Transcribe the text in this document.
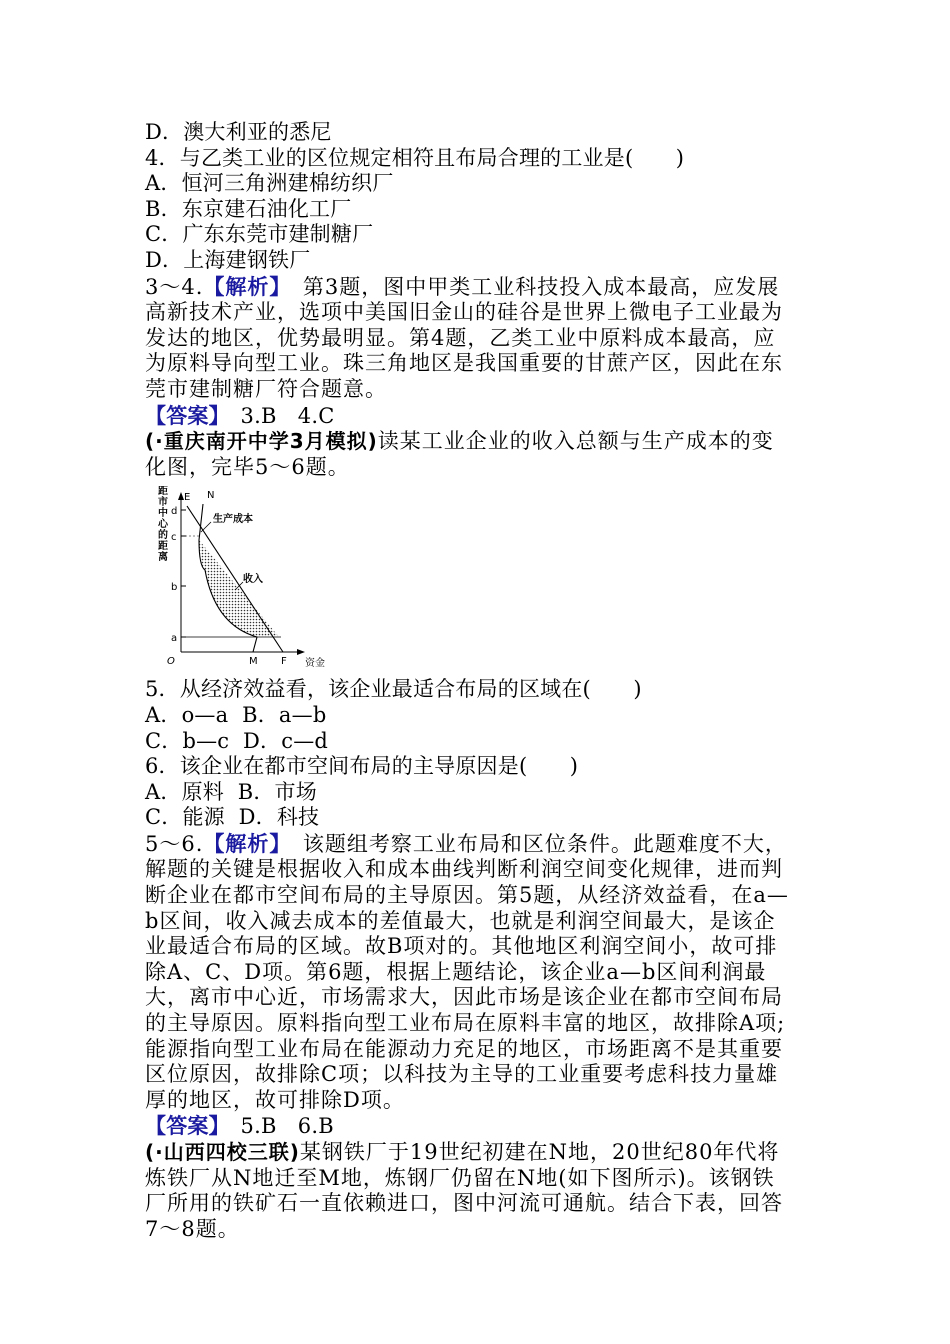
D．澳大利亚的悉尼
4．与乙类工业的区位规定相符且布局合理的工业是(　　)
A．恒河三角洲建棉纺织厂
B．东京建石油化工厂
C．广东东莞市建制糖厂
D．上海建钢铁厂
3～4.【解析】　第3题，图中甲类工业科技投入成本最高，应发展
高新技术产业，选项中美国旧金山的硅谷是世界上微电子工业最为
发达的地区，优势最明显。第4题，乙类工业中原料成本最高，应
为原料导向型工业。珠三角地区是我国重要的甘蔗产区，因此在东
莞市建制糖厂符合题意。
【答案】　3.B　4.C
(·重庆南开中学3月模拟)读某工业企业的收入总额与生产成本的变
化图，完毕5～6题。
距
市
中
心
的
距
离
资金
O
a
b
c
d
M F
E N
生产成本
收入
5．从经济效益看，该企业最适合布局的区域在(　　)
A．o—a  B．a—b
C．b—c  D．c—d
6．该企业在都市空间布局的主导原因是(　　)
A．原料  B．市场
C．能源  D．科技
5～6.【解析】　该题组考察工业布局和区位条件。此题难度不大，
解题的关键是根据收入和成本曲线判断利润空间变化规律，进而判
断企业在都市空间布局的主导原因。第5题，从经济效益看，在a—
b区间，收入减去成本的差值最大，也就是利润空间最大，是该企
业最适合布局的区域。故B项对的。其他地区利润空间小，故可排
除A、C、D项。第6题，根据上题结论，该企业a—b区间利润最
大，离市中心近，市场需求大，因此市场是该企业在都市空间布局
的主导原因。原料指向型工业布局在原料丰富的地区，故排除A项;
能源指向型工业布局在能源动力充足的地区，市场距离不是其重要
区位原因，故排除C项；以科技为主导的工业重要考虑科技力量雄
厚的地区，故可排除D项。
【答案】　5.B　6.B
(·山西四校三联)某钢铁厂于19世纪初建在N地，20世纪80年代将
炼铁厂从N地迁至M地，炼钢厂仍留在N地(如下图所示)。该钢铁
厂所用的铁矿石一直依赖进口，图中河流可通航。结合下表，回答
7～8题。
